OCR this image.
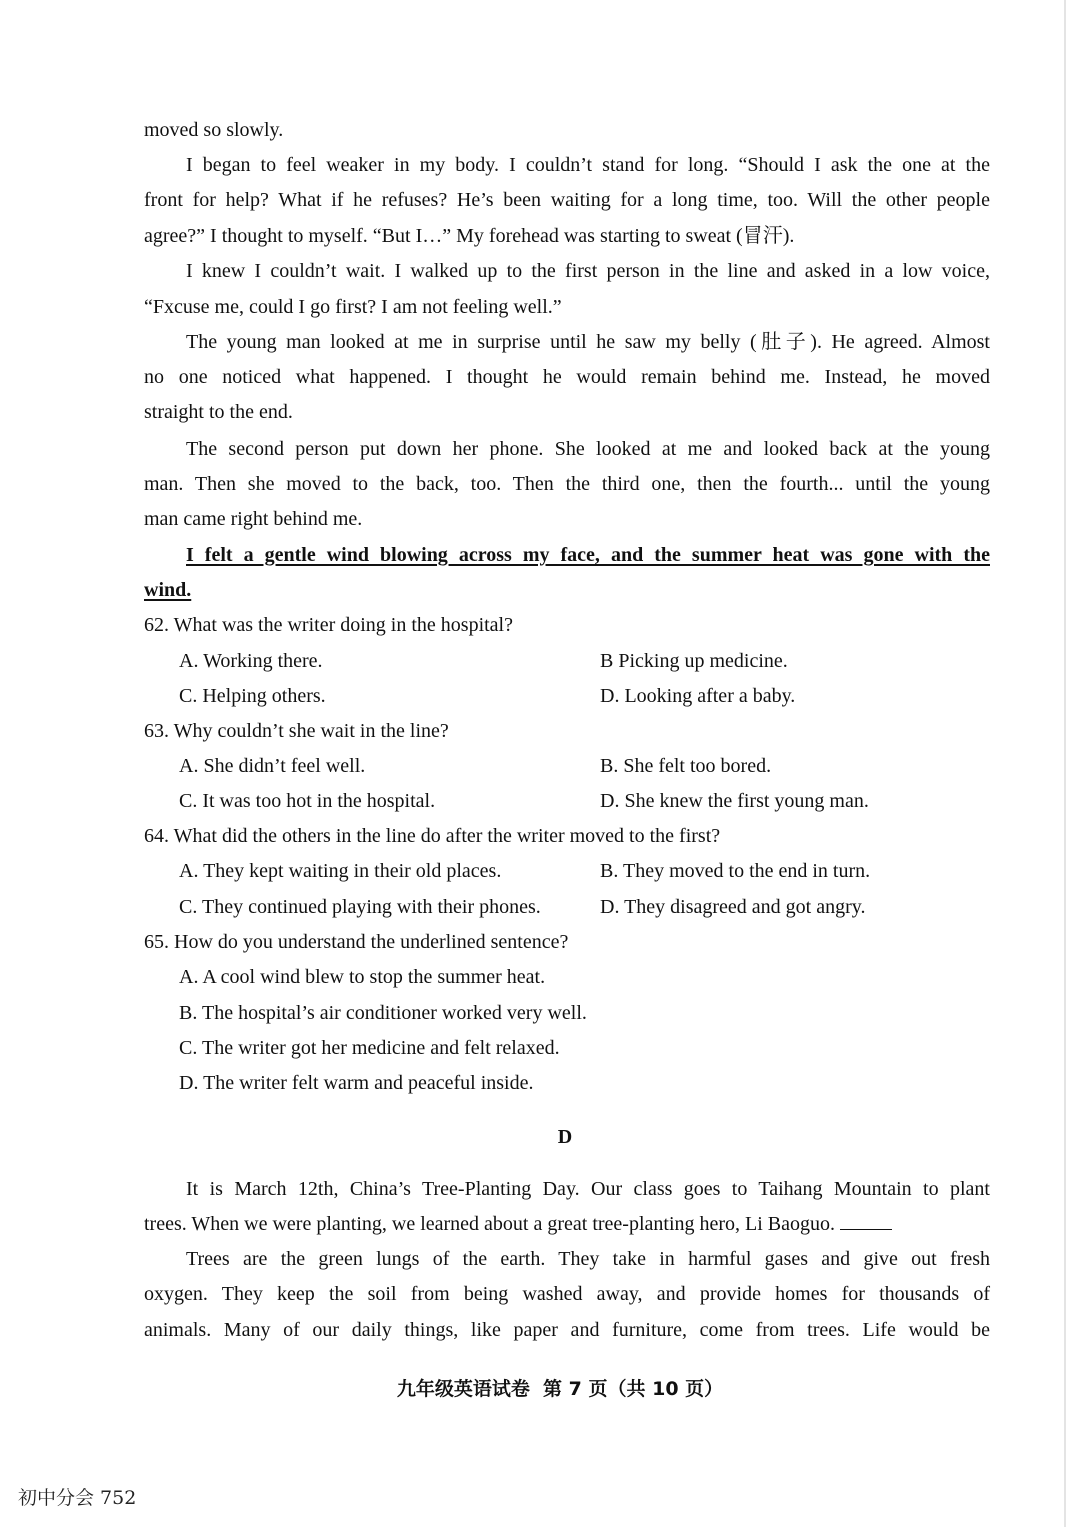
moved so slowly.
I began to feel weaker in my body. I couldn’t stand for long. “Should I ask the one at the
front for help? What if he refuses? He’s been waiting for a long time, too. Will the other people
agree?” I thought to myself. “But I…” My forehead was starting to sweat (冒汗).
I knew I couldn’t wait. I walked up to the first person in the line and asked in a low voice,
“Fxcuse me, could I go first? I am not feeling well.”
The young man looked at me in surprise until he saw my belly (肚子). He agreed. Almost
no one noticed what happened. I thought he would remain behind me. Instead, he moved
straight to the end.
The second person put down her phone. She looked at me and looked back at the young
man. Then she moved to the back, too. Then the third one, then the fourth... until the young
man came right behind me.
I felt a gentle wind blowing across my face, and the summer heat was gone with the
wind.
62. What was the writer doing in the hospital?
A. Working there.	B Picking up medicine.
C. Helping others.	D. Looking after a baby.
63. Why couldn’t she wait in the line?
A. She didn’t feel well.	B. She felt too bored.
C. It was too hot in the hospital.	D. She knew the first young man.
64. What did the others in the line do after the writer moved to the first?
A. They kept waiting in their old places.	B. They moved to the end in turn.
C. They continued playing with their phones.	D. They disagreed and got angry.
65. How do you understand the underlined sentence?
A. A cool wind blew to stop the summer heat.
B. The hospital’s air conditioner worked very well.
C. The writer got her medicine and felt relaxed.
D. The writer felt warm and peaceful inside.
D
It is March 12th, China’s Tree-Planting Day. Our class goes to Taihang Mountain to plant
trees. When we were planting, we learned about a great tree-planting hero, Li Baoguo.
Trees are the green lungs of the earth. They take in harmful gases and give out fresh
oxygen. They keep the soil from being washed away, and provide homes for thousands of
animals. Many of our daily things, like paper and furniture, come from trees. Life would be
九年级英语试卷  第 7 页（共 10 页）
初中分会 752
